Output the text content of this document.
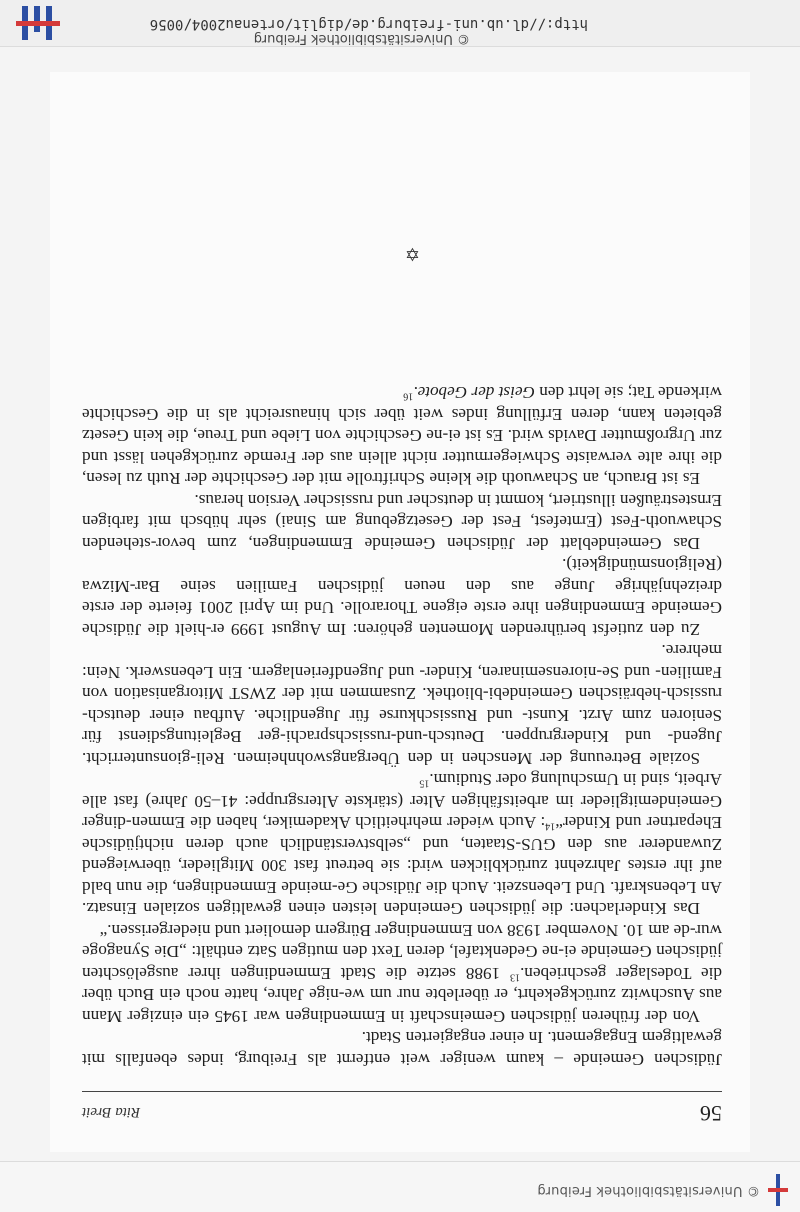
© Universitätsbibliothek Freiburg
56
Rita Breit

Jüdischen Gemeinde – kaum weniger weit entfernt als Freiburg, indes ebenfalls mit gewaltigem Engagement. In einer engagierten Stadt.

Von der früheren jüdischen Gemeinschaft in Emmendingen war 1945 ein einziger Mann aus Auschwitz zurückgekehrt, er überlebte nur um we-nige Jahre, hatte noch ein Buch über die Todeslager geschrieben.$^{13}$ 1988 setzte die Stadt Emmendingen ihrer ausgelöschten jüdischen Gemeinde ei-ne Gedenktafel, deren Text den mutigen Satz enthält: „Die Synagoge wur-de am 10. November 1938 von Emmendinger Bürgern demoliert und niedergerissen.“

Das Kinderlachen: die jüdischen Gemeinden leisten einen gewaltigen sozialen Einsatz. An Lebenskraft. Und Lebenszeit. Auch die Jüdische Ge-meinde Emmendingen, die nun bald auf ihr erstes Jahrzehnt zurückblicken wird: sie betreut fast 300 Mitglieder, überwiegend Zuwanderer aus den GUS-Staaten, und „selbstverständlich auch deren nichtjüdische Ehepartner und Kinder“$^{14}$: Auch wieder mehrheitlich Akademiker, haben die Emmen-dinger Gemeindemitglieder im arbeitsfähigen Alter (stärkste Altersgruppe: 41–50 Jahre) fast alle Arbeit, sind in Umschulung oder Studium.$^{15}$

Soziale Betreuung der Menschen in den Übergangswohnheimen. Reli-gionsunterricht. Jugend- und Kindergruppen. Deutsch-und-russischsprachi-ger Begleitungsdienst für Senioren zum Arzt. Kunst- und Russischkurse für Jugendliche. Aufbau einer deutsch-russisch-hebräischen Gemeindebi-bliothek. Zusammen mit der ZWST Mitorganisation von Familien- und Se-niorenseminaren, Kinder- und Jugendferienlagern. Ein Lebenswerk. Nein: mehrere.

Zu den zutiefst berührenden Momenten gehören: Im August 1999 er-hielt die Jüdische Gemeinde Emmendingen ihre erste eigene Thorarolle. Und im April 2001 feierte der erste dreizehnjährige Junge aus den neuen jüdischen Familien seine Bar-Mizwa (Religionsmündigkeit).

Das Gemeindeblatt der Jüdischen Gemeinde Emmendingen, zum bevor-stehenden Schawuoth-Fest (Erntefest, Fest der Gesetzgebung am Sinai) sehr hübsch mit farbigen Ernstesträußen illustriert, kommt in deutscher und russischer Version heraus.

Es ist Brauch, an Schawuoth die kleine Schriftrolle mit der Geschichte der Ruth zu lesen, die ihre alte verwaiste Schwiegermutter nicht allein aus der Fremde zurückgehen lässt und zur Urgroßmutter Davids wird. Es ist ei-ne Geschichte von Liebe und Treue, die kein Gesetz gebieten kann, deren Erfüllung indes weit über sich hinausreicht als in die Geschichte wirkende Tat; sie lehrt den Geist der Gebote.$^{16}$

✡
© Universitätsbibliothek Freiburg
http://dl.ub.uni-freiburg.de/diglit/ortenau2004/0056
